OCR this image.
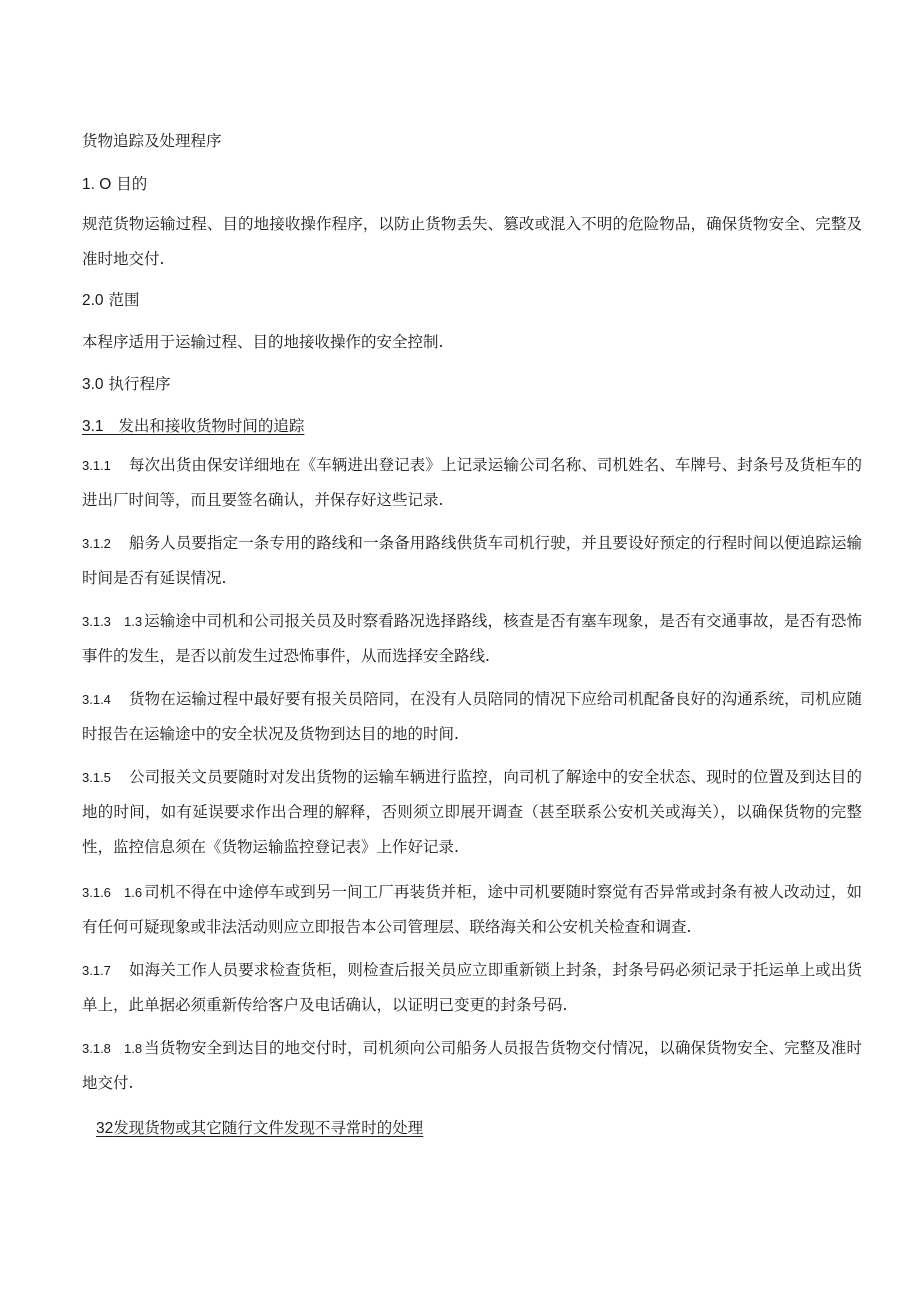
货物追踪及处理程序
1. O 目的
规范货物运输过程、目的地接收操作程序，以防止货物丢失、篡改或混入不明的危险物品，确保货物安全、完整及准时地交付.
2.0 范围
本程序适用于运输过程、目的地接收操作的安全控制.
3.0 执行程序
3.1 发出和接收货物时间的追踪
3.1.1 每次出货由保安详细地在《车辆进出登记表》上记录运输公司名称、司机姓名、车牌号、封条号及货柜车的进出厂时间等，而且要签名确认，并保存好这些记录.
3.1.2 船务人员要指定一条专用的路线和一条备用路线供货车司机行驶，并且要设好预定的行程时间以便追踪运输时间是否有延误情况.
3.1.3 1.3 运输途中司机和公司报关员及时察看路况选择路线，核查是否有塞车现象，是否有交通事故，是否有恐怖事件的发生，是否以前发生过恐怖事件，从而选择安全路线.
3.1.4 货物在运输过程中最好要有报关员陪同，在没有人员陪同的情况下应给司机配备良好的沟通系统，司机应随时报告在运输途中的安全状况及货物到达目的地的时间.
3.1.5 公司报关文员要随时对发出货物的运输车辆进行监控，向司机了解途中的安全状态、现时的位置及到达目的地的时间，如有延误要求作出合理的解释，否则须立即展开调查（甚至联系公安机关或海关），以确保货物的完整性，监控信息须在《货物运输监控登记表》上作好记录.
3.1.6 1.6 司机不得在中途停车或到另一间工厂再装货并柜，途中司机要随时察觉有否异常或封条有被人改动过，如有任何可疑现象或非法活动则应立即报告本公司管理层、联络海关和公安机关检查和调查.
3.1.7 如海关工作人员要求检查货柜，则检查后报关员应立即重新锁上封条，封条号码必须记录于托运单上或出货单上，此单据必须重新传给客户及电话确认，以证明已变更的封条号码.
3.1.8 1.8 当货物安全到达目的地交付时，司机须向公司船务人员报告货物交付情况，以确保货物安全、完整及准时地交付.
32发现货物或其它随行文件发现不寻常时的处理
